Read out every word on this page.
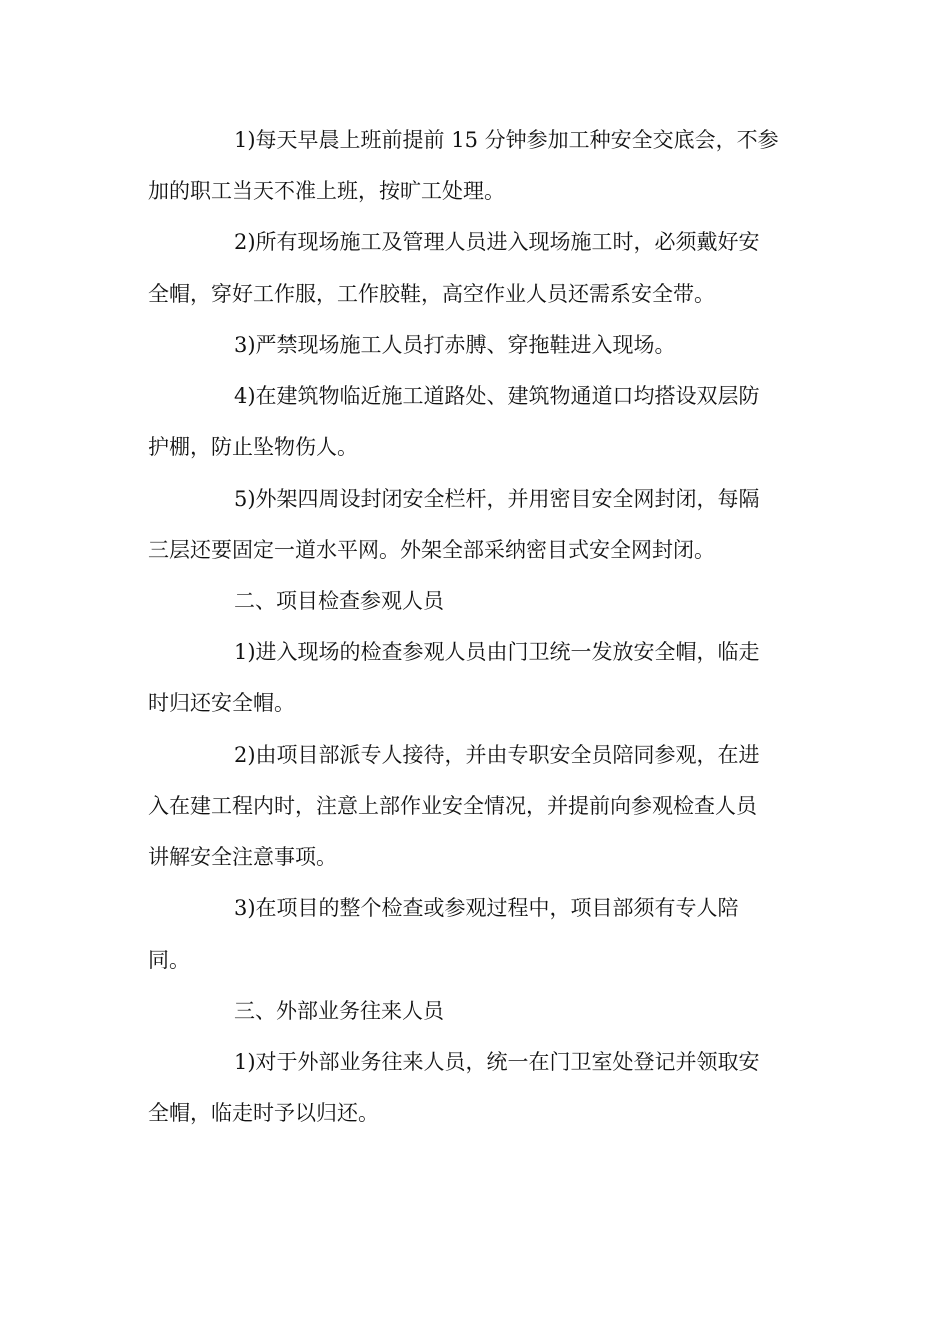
1)每天早晨上班前提前 15 分钟参加工种安全交底会，不参
加的职工当天不准上班，按旷工处理。
2)所有现场施工及管理人员进入现场施工时，必须戴好安
全帽，穿好工作服，工作胶鞋，高空作业人员还需系安全带。
3)严禁现场施工人员打赤膊、穿拖鞋进入现场。
4)在建筑物临近施工道路处、建筑物通道口均搭设双层防
护棚，防止坠物伤人。
5)外架四周设封闭安全栏杆，并用密目安全网封闭，每隔
三层还要固定一道水平网。外架全部采纳密目式安全网封闭。
二、项目检查参观人员
1)进入现场的检查参观人员由门卫统一发放安全帽，临走
时归还安全帽。
2)由项目部派专人接待，并由专职安全员陪同参观，在进
入在建工程内时，注意上部作业安全情况，并提前向参观检查人员
讲解安全注意事项。
3)在项目的整个检查或参观过程中，项目部须有专人陪
同。
三、外部业务往来人员
1)对于外部业务往来人员，统一在门卫室处登记并领取安
全帽，临走时予以归还。
